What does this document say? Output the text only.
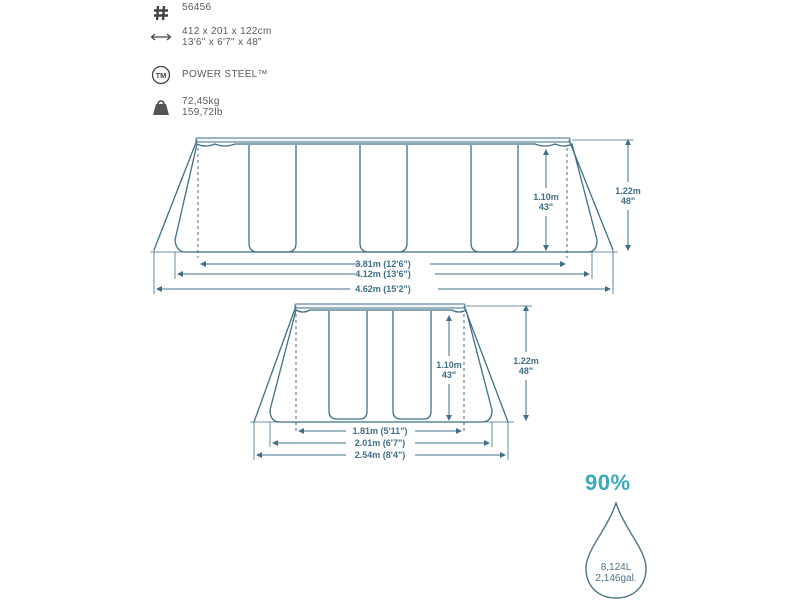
56456
412 x 201 x 122cm
13'6" x 6'7" x 48"
TM POWER STEEL™
72,45kg
159,72lb
3.81m (12'6")
4.12m (13'6")
4.62m (15'2")
1.10m
43"
1.22m
48"
1.81m (5'11")
2.01m (6'7")
2.54m (8'4")
1.10m
43"
1.22m
48"
90%
8,124L
2,146gal.
